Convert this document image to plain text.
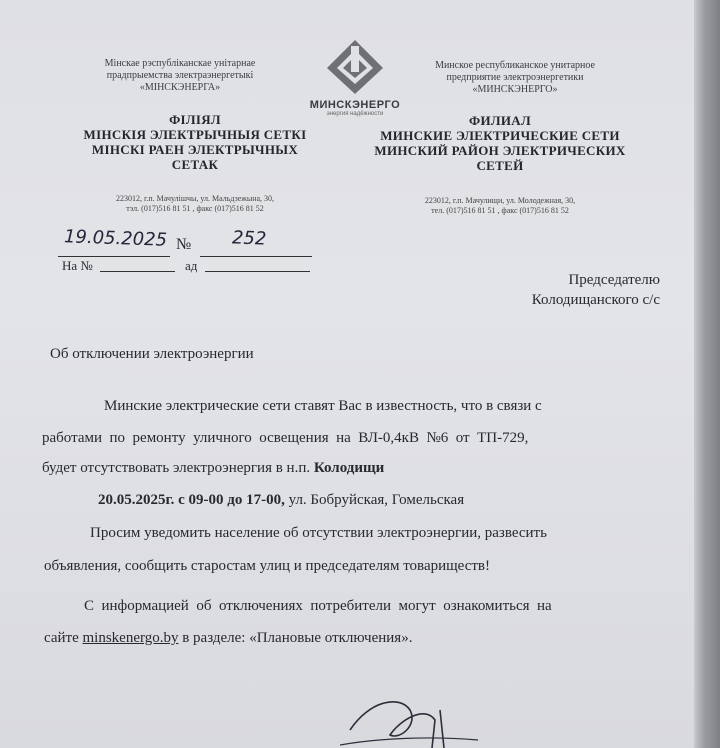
Мінскае рэспубліканскае унітарнае
прадпрыемства электраэнергетыкі
«МІНСКЭНЕРГА»
ФІЛІЯЛ
МІНСКІЯ ЭЛЕКТРЫЧНЫЯ СЕТКІ
МІНСКІ РАЕН ЭЛЕКТРЫЧНЫХ
СЕТАК
223012, г.п. Мачулішчы, ул. Мальдзежына, 30,
тэл. (017)516 81 51 , факс (017)516 81 52
МИНСКЭНЕРГО
энергия надёжности
Минское республиканское унитарное
предприятие электроэнергетики
«МИНСКЭНЕРГО»
ФИЛИАЛ
МИНСКИЕ ЭЛЕКТРИЧЕСКИЕ СЕТИ
МИНСКИЙ РАЙОН ЭЛЕКТРИЧЕСКИХ
СЕТЕЙ
223012, г.п. Мачулищи, ул. Молодежная, 30,
тел. (017)516 81 51 , факс (017)516 81 52
19.05.2025 № 252
На №	ад
Председателю
Колодищанского с/с
Об отключении электроэнергии
Минские электрические сети ставят Вас в известность, что в связи с
работами  по  ремонту  уличного  освещения  на  ВЛ-0,4кВ  №6  от  ТП-729,
будет отсутствовать электроэнергия в н.п. Колодищи
20.05.2025г. с 09-00 до 17-00, ул. Бобруйская, Гомельская
Просим уведомить население об отсутствии электроэнергии, развесить
объявления, сообщить старостам улиц и председателям товариществ!
С  информацией  об  отключениях  потребители  могут  ознакомиться  на
сайте minskenergo.by в разделе: «Плановые отключения».
